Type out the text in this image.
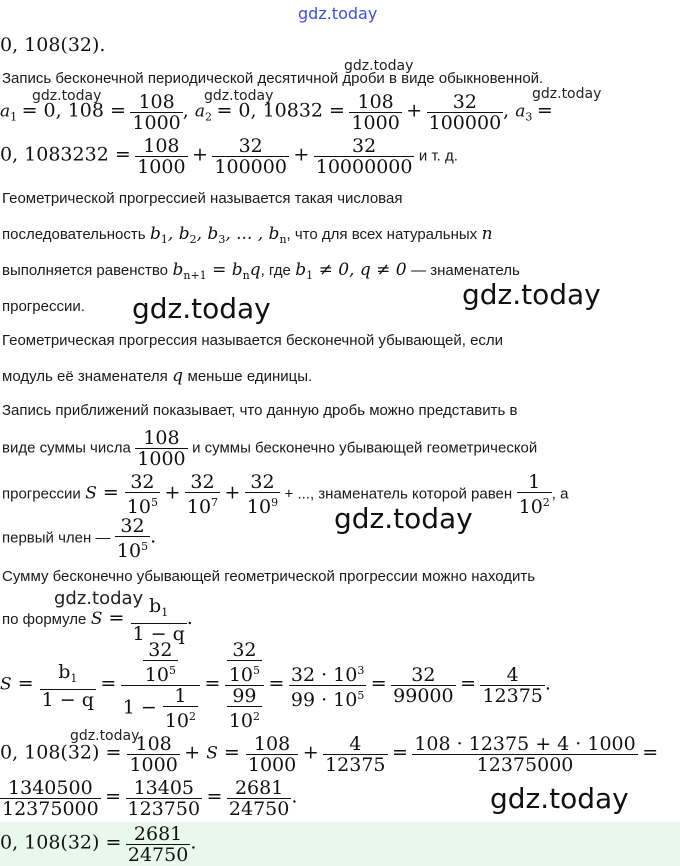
gdz.today
gdz.today
gdz.today	gdz.today	gdz.today
gdz.today	gdz.today
gdz.today
gdz.today
gdz.today
gdz.today
0, 108(32).
Запись бесконечной периодической десятичной дроби в виде обыкновенной.
$a_1 = 0$, $108 = \frac{108}{1000}$ , $a_2 = 0$, $10832 = \frac{108}{1000} + \frac{32}{100000}$ , $a_3$ =
0, $1083232 = \frac{108}{1000} + \frac{32}{100000} + \frac{32}{10000000}$ и т. д.
Геометрической прогрессией называется такая числовая
последовательность $b_1$, $b_2$, $b_3$, ... , $b_n$, что для всех натуральных n
выполняется равенство $b_{n+1} = b_nq$, где $b_1 \ne 0$, q ≠ 0 — знаменатель
прогрессии.
Геометрическая прогрессия называется бесконечной убывающей, если
модуль её знаменателя q меньше единицы.
Запись приближений показывает, что данную дробь можно представить в
виде суммы числа $\frac{108}{1000}$ и суммы бесконечно убывающей геометрической
прогрессии $S = \frac{32}{10^5} + \frac{32}{10^7} + \frac{32}{10^9}$ + ..., знаменатель которой равен $\frac{1}{10^2}$ , а
первый член — $\frac{32}{10^5}$ .
Сумму бесконечно убывающей геометрической прогрессии можно находить
по формуле $S = \frac{b_1}{1 - q}$ .
$S = \frac{b_1}{1 - q} = \frac{\frac{32}{10^5}}{1 - \frac{1}{10^2}} = \frac{\frac{32}{10^5}}{\frac{99}{10^2}} = \frac{32 \cdot 10^3}{99 \cdot 10^5} = \frac{32}{99000} = \frac{4}{12375}$ .
0, $108(32) = \frac{108}{1000} + S = \frac{108}{1000} + \frac{4}{12375} = \frac{108 \cdot 12375 + 4 \cdot 1000}{12375000}$ =
$\frac{1340500}{12375000} = \frac{13405}{123750} = \frac{2681}{24750}$ .
0, $108(32) = \frac{2681}{24750}$ .
